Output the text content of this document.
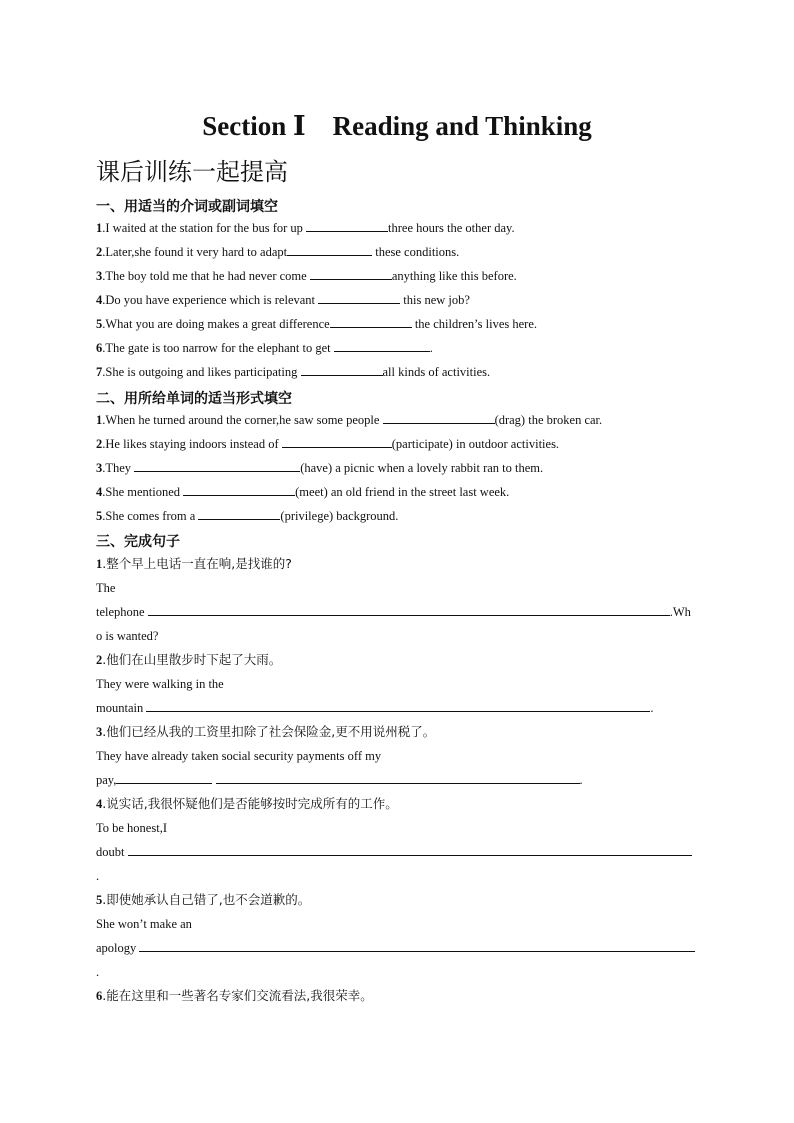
Section Ⅰ　Reading and Thinking
课后训练一起提高
一、用适当的介词或副词填空
1.I waited at the station for the bus for up	three hours the other day.
2.Later,she found it very hard to adapt	these conditions.
3.The boy told me that he had never come	anything like this before.
4.Do you have experience which is relevant	this new job?
5.What you are doing makes a great difference	the children’s lives here.
6.The gate is too narrow for the elephant to get	.
7.She is outgoing and likes participating	all kinds of activities.
二、用所给单词的适当形式填空
1.When he turned around the corner,he saw some people	(drag) the broken car.
2.He likes staying indoors instead of	(participate) in outdoor activities.
3.They	(have) a picnic when a lovely rabbit ran to them.
4.She mentioned	(meet) an old friend in the street last week.
5.She comes from a	(privilege) background.
三、完成句子
1.整个早上电话一直在响,是找谁的?
The
telephone	.Wh
o is wanted?
2.他们在山里散步时下起了大雨。
They were walking in the
mountain	.
3.他们已经从我的工资里扣除了社会保险金,更不用说州税了。
They have already taken social security payments off my
pay,	.
4.说实话,我很怀疑他们是否能够按时完成所有的工作。
To be honest,I
doubt
.
5.即使她承认自己错了,也不会道歉的。
She won’t make an
apology
.
6.能在这里和一些著名专家们交流看法,我很荣幸。
